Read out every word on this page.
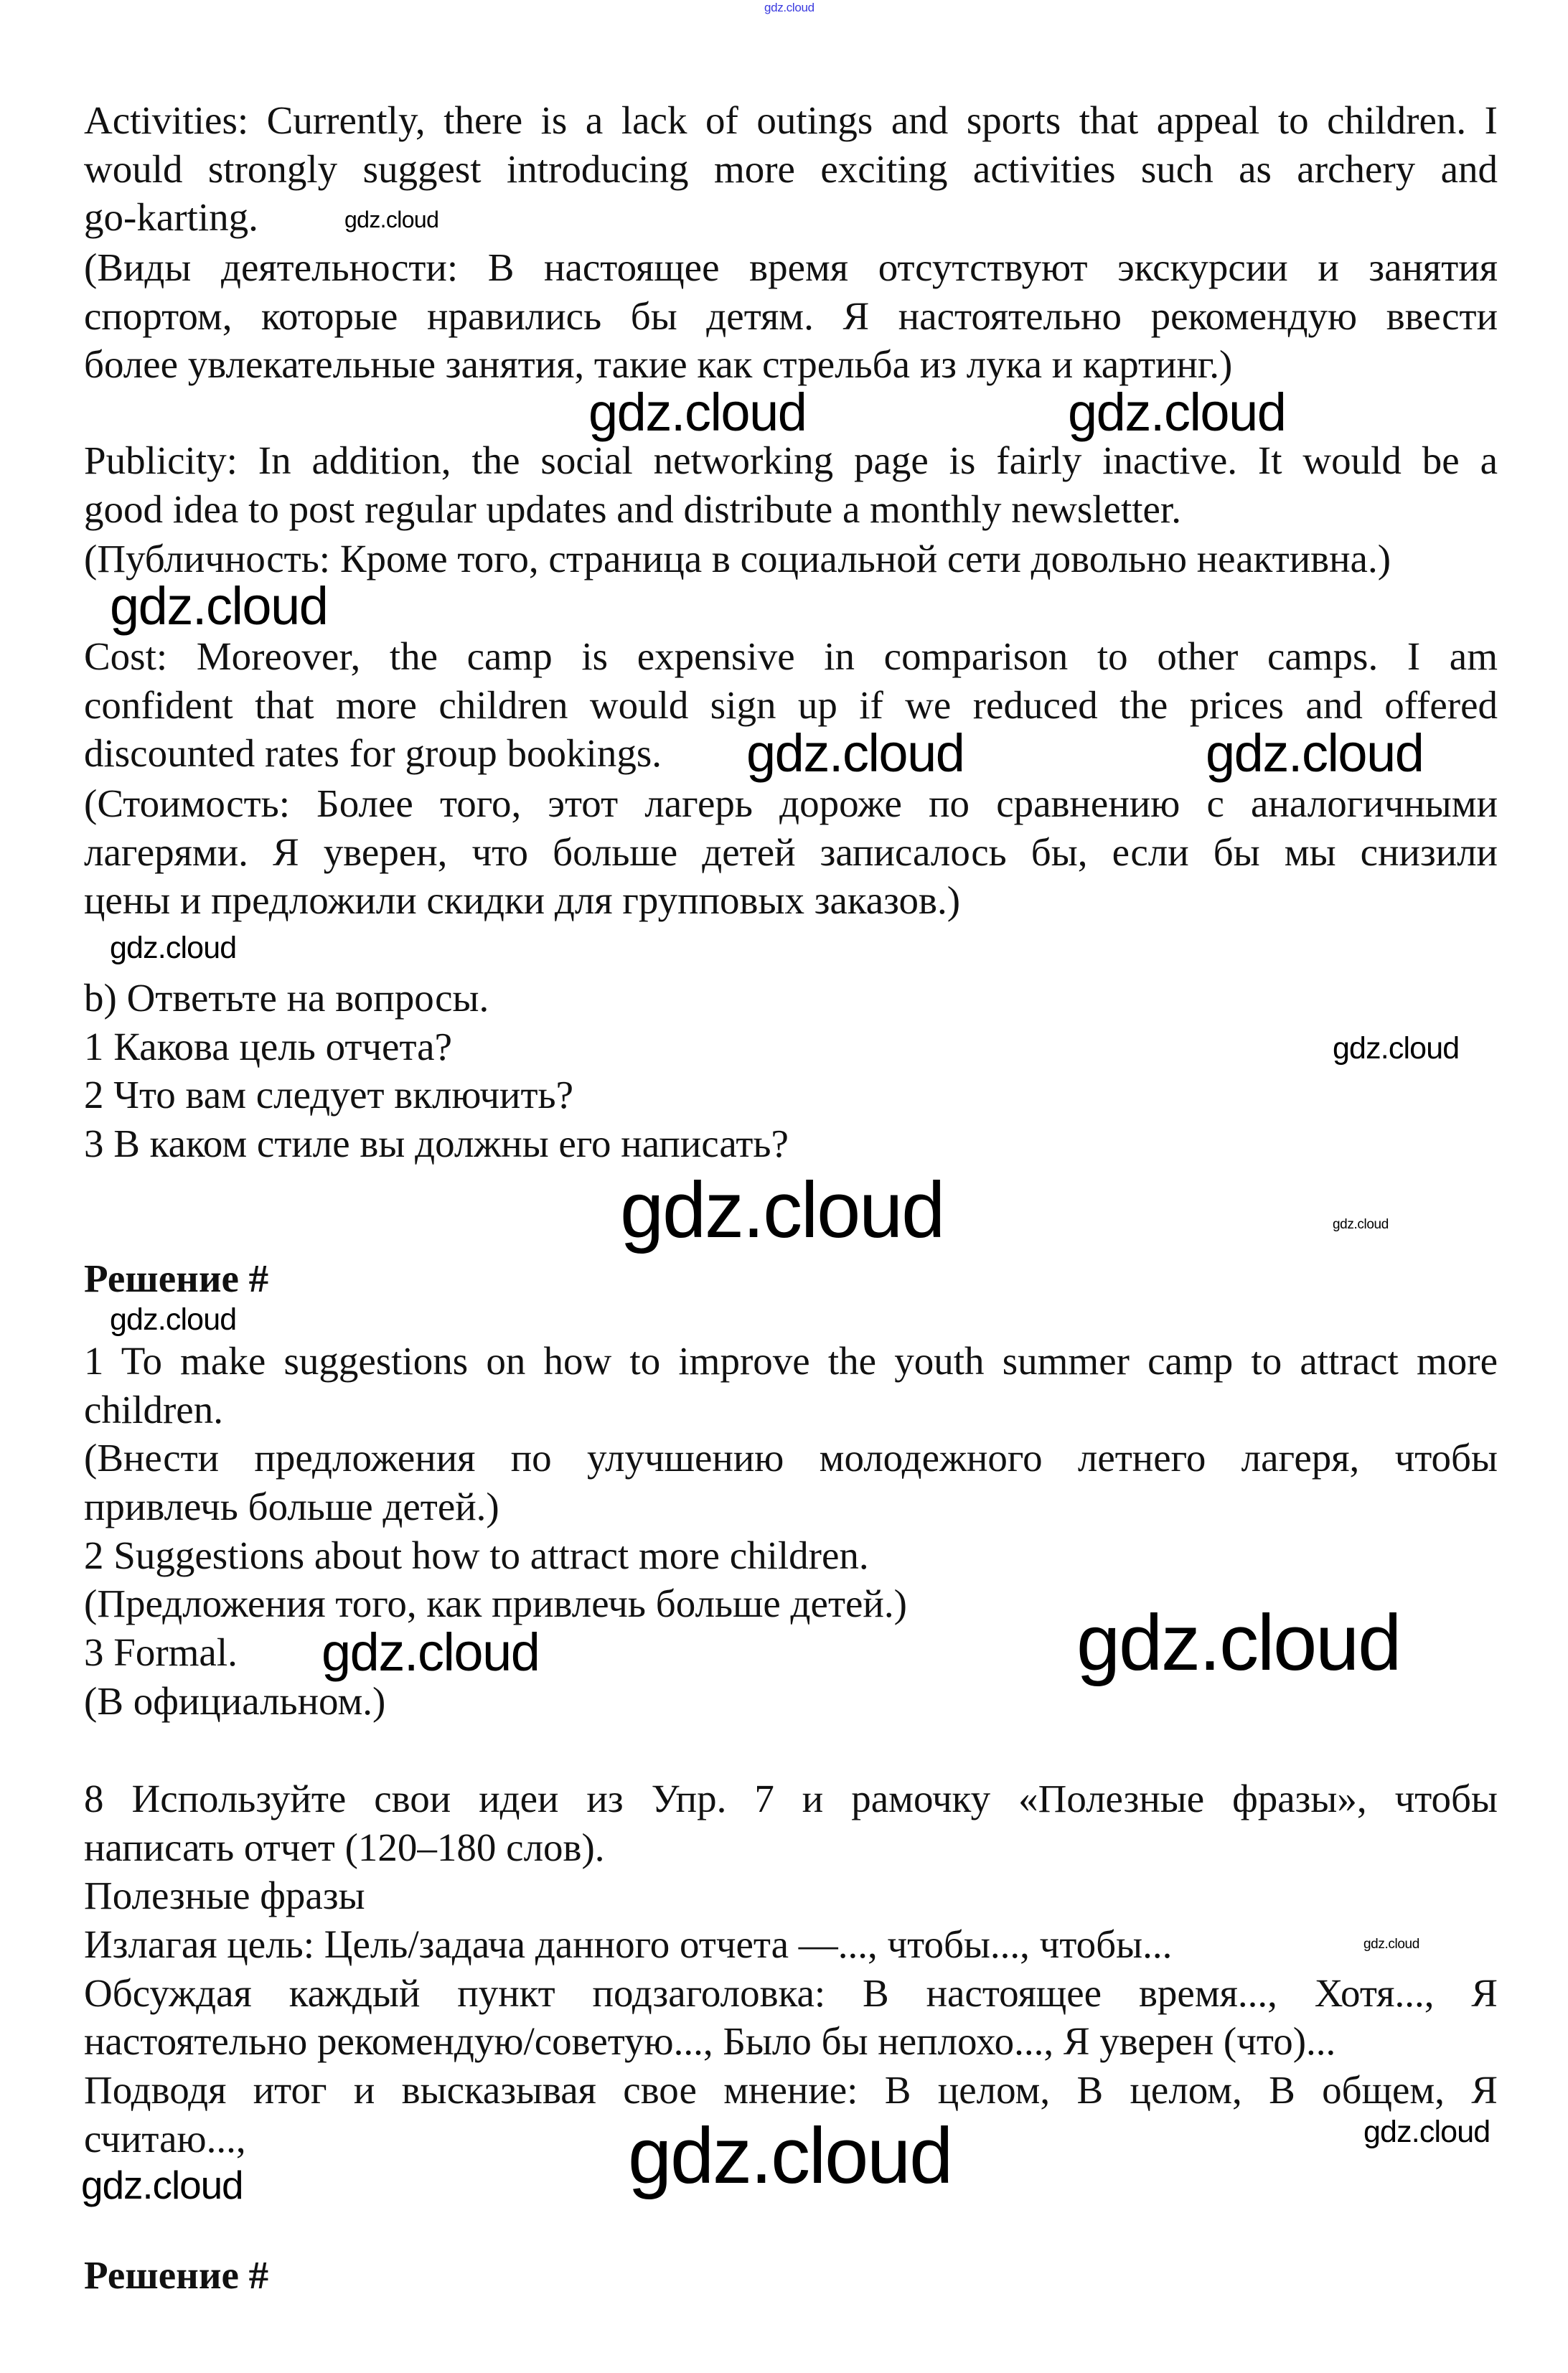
Activities: Currently, there is a lack of outings and sports that appeal to children. I
would strongly suggest introducing more exciting activities such as archery and
go-karting.
(Виды деятельности: В настоящее время отсутствуют экскурсии и занятия
спортом, которые нравились бы детям. Я настоятельно рекомендую ввести
более увлекательные занятия, такие как стрельба из лука и картинг.)
Publicity: In addition, the social networking page is fairly inactive. It would be a
good idea to post regular updates and distribute a monthly newsletter.
(Публичность: Кроме того, страница в социальной сети довольно неактивна.)
Cost: Moreover, the camp is expensive in comparison to other camps. I am
confident that more children would sign up if we reduced the prices and offered
discounted rates for group bookings.
(Стоимость: Более того, этот лагерь дороже по сравнению с аналогичными
лагерями. Я уверен, что больше детей записалось бы, если бы мы снизили
цены и предложили скидки для групповых заказов.)
b) Ответьте на вопросы.
1 Какова цель отчета?
2 Что вам следует включить?
3 В каком стиле вы должны его написать?
Решение #
1 To make suggestions on how to improve the youth summer camp to attract more
children.
(Внести предложения по улучшению молодежного летнего лагеря, чтобы
привлечь больше детей.)
2 Suggestions about how to attract more children.
(Предложения того, как привлечь больше детей.)
3 Formal.
(В официальном.)
8 Используйте свои идеи из Упр. 7 и рамочку «Полезные фразы», чтобы
написать отчет (120–180 слов).
Полезные фразы
Излагая цель: Цель/задача данного отчета —..., чтобы..., чтобы...
Обсуждая каждый пункт подзаголовка: В настоящее время..., Хотя..., Я
настоятельно рекомендую/советую..., Было бы неплохо..., Я уверен (что)...
Подводя итог и высказывая свое мнение: В целом, В целом, В общем, Я
считаю...,
Решение #
gdz.cloud
gdz.cloud
gdz.cloud	gdz.cloud
gdz.cloud
gdz.cloud	gdz.cloud
gdz.cloud
gdz.cloud
gdz.cloud	gdz.cloud
gdz.cloud
gdz.cloud	gdz.cloud
gdz.cloud
gdz.cloud
gdz.cloud
gdz.cloud
